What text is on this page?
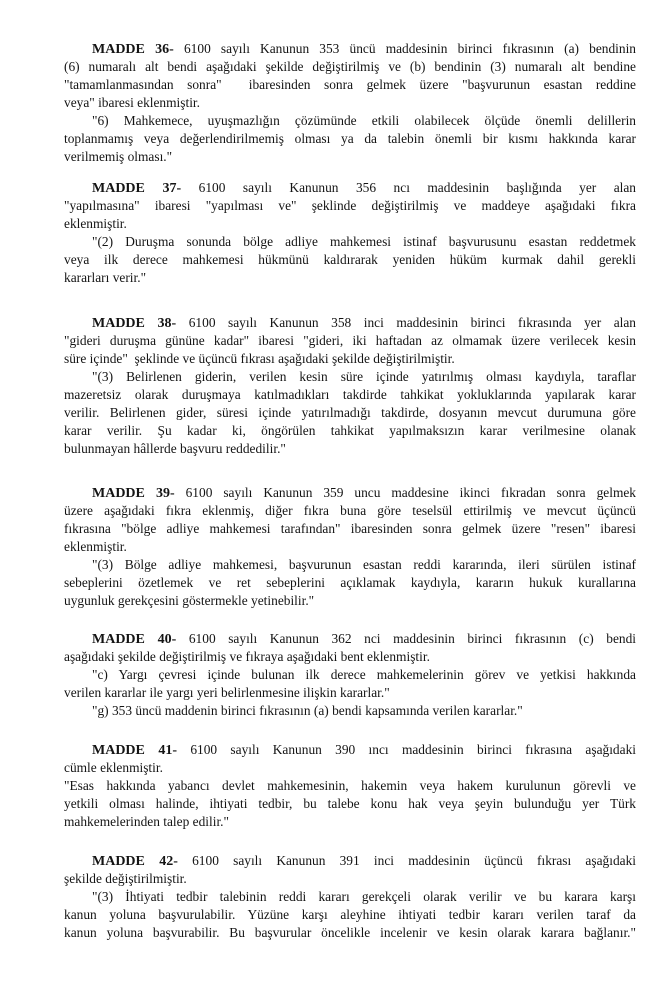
MADDE 36- 6100 sayılı Kanunun 353 üncü maddesinin birinci fıkrasının (a) bendinin
(6) numaralı alt bendi aşağıdaki şekilde değiştirilmiş ve (b) bendinin (3) numaralı alt bendine
"tamamlanmasından sonra"  ibaresinden sonra gelmek üzere "başvurunun esastan reddine
veya" ibaresi eklenmiştir.
"6) Mahkemece, uyuşmazlığın çözümünde etkili olabilecek ölçüde önemli delillerin
toplanmamış veya değerlendirilmemiş olması ya da talebin önemli bir kısmı hakkında karar
verilmemiş olması."
MADDE 37- 6100 sayılı Kanunun 356 ncı maddesinin başlığında yer alan
"yapılmasına" ibaresi "yapılması ve" şeklinde değiştirilmiş ve maddeye aşağıdaki fıkra
eklenmiştir.
"(2) Duruşma sonunda bölge adliye mahkemesi istinaf başvurusunu esastan reddetmek
veya ilk derece mahkemesi hükmünü kaldırarak yeniden hüküm kurmak dahil gerekli
kararları verir."
MADDE 38- 6100 sayılı Kanunun 358 inci maddesinin birinci fıkrasında yer alan
"gideri duruşma gününe kadar" ibaresi "gideri, iki haftadan az olmamak üzere verilecek kesin
süre içinde"  şeklinde ve üçüncü fıkrası aşağıdaki şekilde değiştirilmiştir.
"(3) Belirlenen giderin, verilen kesin süre içinde yatırılmış olması kaydıyla, taraflar
mazeretsiz olarak duruşmaya katılmadıkları takdirde tahkikat yokluklarında yapılarak karar
verilir. Belirlenen gider, süresi içinde yatırılmadığı takdirde, dosyanın mevcut durumuna göre
karar verilir. Şu kadar ki, öngörülen tahkikat yapılmaksızın karar verilmesine olanak
bulunmayan hâllerde başvuru reddedilir."
MADDE 39- 6100 sayılı Kanunun 359 uncu maddesine ikinci fıkradan sonra gelmek
üzere aşağıdaki fıkra eklenmiş, diğer fıkra buna göre teselsül ettirilmiş ve mevcut üçüncü
fıkrasına "bölge adliye mahkemesi tarafından" ibaresinden sonra gelmek üzere "resen" ibaresi
eklenmiştir.
"(3) Bölge adliye mahkemesi, başvurunun esastan reddi kararında, ileri sürülen istinaf
sebeplerini özetlemek ve ret sebeplerini açıklamak kaydıyla, kararın hukuk kurallarına
uygunluk gerekçesini göstermekle yetinebilir."
MADDE 40- 6100 sayılı Kanunun 362 nci maddesinin birinci fıkrasının (c) bendi
aşağıdaki şekilde değiştirilmiş ve fıkraya aşağıdaki bent eklenmiştir.
"c) Yargı çevresi içinde bulunan ilk derece mahkemelerinin görev ve yetkisi hakkında
verilen kararlar ile yargı yeri belirlenmesine ilişkin kararlar."
"g) 353 üncü maddenin birinci fıkrasının (a) bendi kapsamında verilen kararlar."
MADDE 41- 6100 sayılı Kanunun 390 ıncı maddesinin birinci fıkrasına aşağıdaki
cümle eklenmiştir.
"Esas hakkında yabancı devlet mahkemesinin, hakemin veya hakem kurulunun görevli ve
yetkili olması halinde, ihtiyati tedbir, bu talebe konu hak veya şeyin bulunduğu yer Türk
mahkemelerinden talep edilir."
MADDE 42- 6100 sayılı Kanunun 391 inci maddesinin üçüncü fıkrası aşağıdaki
şekilde değiştirilmiştir.
"(3) İhtiyati tedbir talebinin reddi kararı gerekçeli olarak verilir ve bu karara karşı
kanun yoluna başvurulabilir. Yüzüne karşı aleyhine ihtiyati tedbir kararı verilen taraf da
kanun yoluna başvurabilir. Bu başvurular öncelikle incelenir ve kesin olarak karara bağlanır."
